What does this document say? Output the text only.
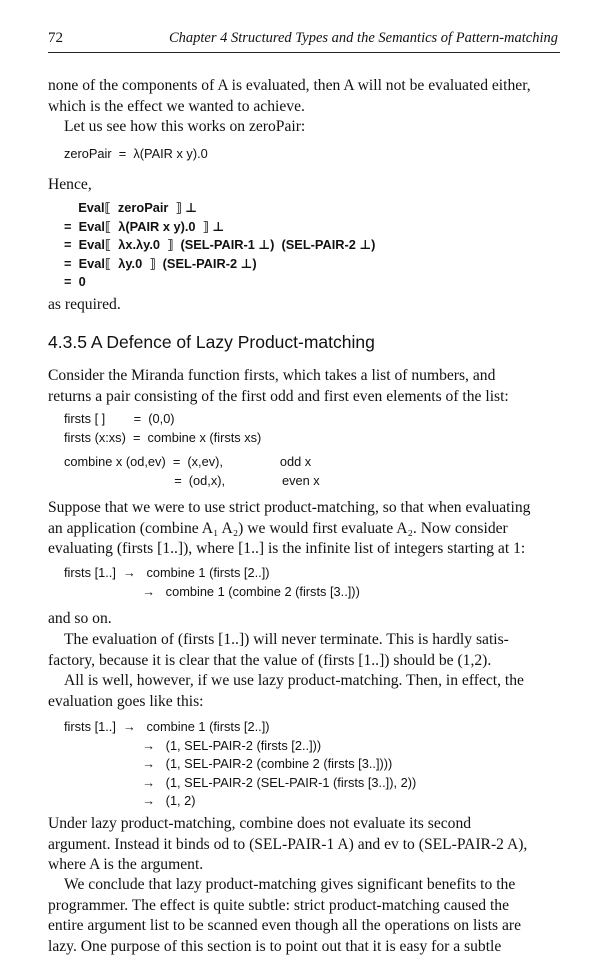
72	Chapter 4 Structured Types and the Semantics of Pattern-matching
none of the components of A is evaluated, then A will not be evaluated either,
which is the effect we wanted to achieve.
Let us see how this works on zeroPair:
zeroPair  =  λ(PAIR x y).0
Hence,
Eval⟦  zeroPair  ⟧ ⊥
=  Eval⟦  λ(PAIR x y).0  ⟧ ⊥
=  Eval⟦  λx.λy.0  ⟧  (SEL-PAIR-1 ⊥)  (SEL-PAIR-2 ⊥)
=  Eval⟦  λy.0  ⟧  (SEL-PAIR-2 ⊥)
=  0
as required.
4.3.5 A Defence of Lazy Product-matching
Consider the Miranda function firsts, which takes a list of numbers, and
returns a pair consisting of the first odd and first even elements of the list:
firsts [ ]        =  (0,0)
firsts (x:xs)  =  combine x (firsts xs)
combine x (od,ev)  =  (x,ev),                odd x
=  (od,x),                even x
Suppose that we were to use strict product-matching, so that when evaluating
an application (combine A₁ A₂) we would first evaluate A₂. Now consider
evaluating (firsts [1..]), where [1..] is the infinite list of integers starting at 1:
firsts [1..]  →   combine 1 (firsts [2..])
→   combine 1 (combine 2 (firsts [3..]))
and so on.
The evaluation of (firsts [1..]) will never terminate. This is hardly satis-
factory, because it is clear that the value of (firsts [1..]) should be (1,2).
All is well, however, if we use lazy product-matching. Then, in effect, the
evaluation goes like this:
firsts [1..]  →   combine 1 (firsts [2..])
→   (1, SEL-PAIR-2 (firsts [2..]))
→   (1, SEL-PAIR-2 (combine 2 (firsts [3..])))
→   (1, SEL-PAIR-2 (SEL-PAIR-1 (firsts [3..]), 2))
→   (1, 2)
Under lazy product-matching, combine does not evaluate its second
argument. Instead it binds od to (SEL-PAIR-1 A) and ev to (SEL-PAIR-2 A),
where A is the argument.
We conclude that lazy product-matching gives significant benefits to the
programmer. The effect is quite subtle: strict product-matching caused the
entire argument list to be scanned even though all the operations on lists are
lazy. One purpose of this section is to point out that it is easy for a subtle
